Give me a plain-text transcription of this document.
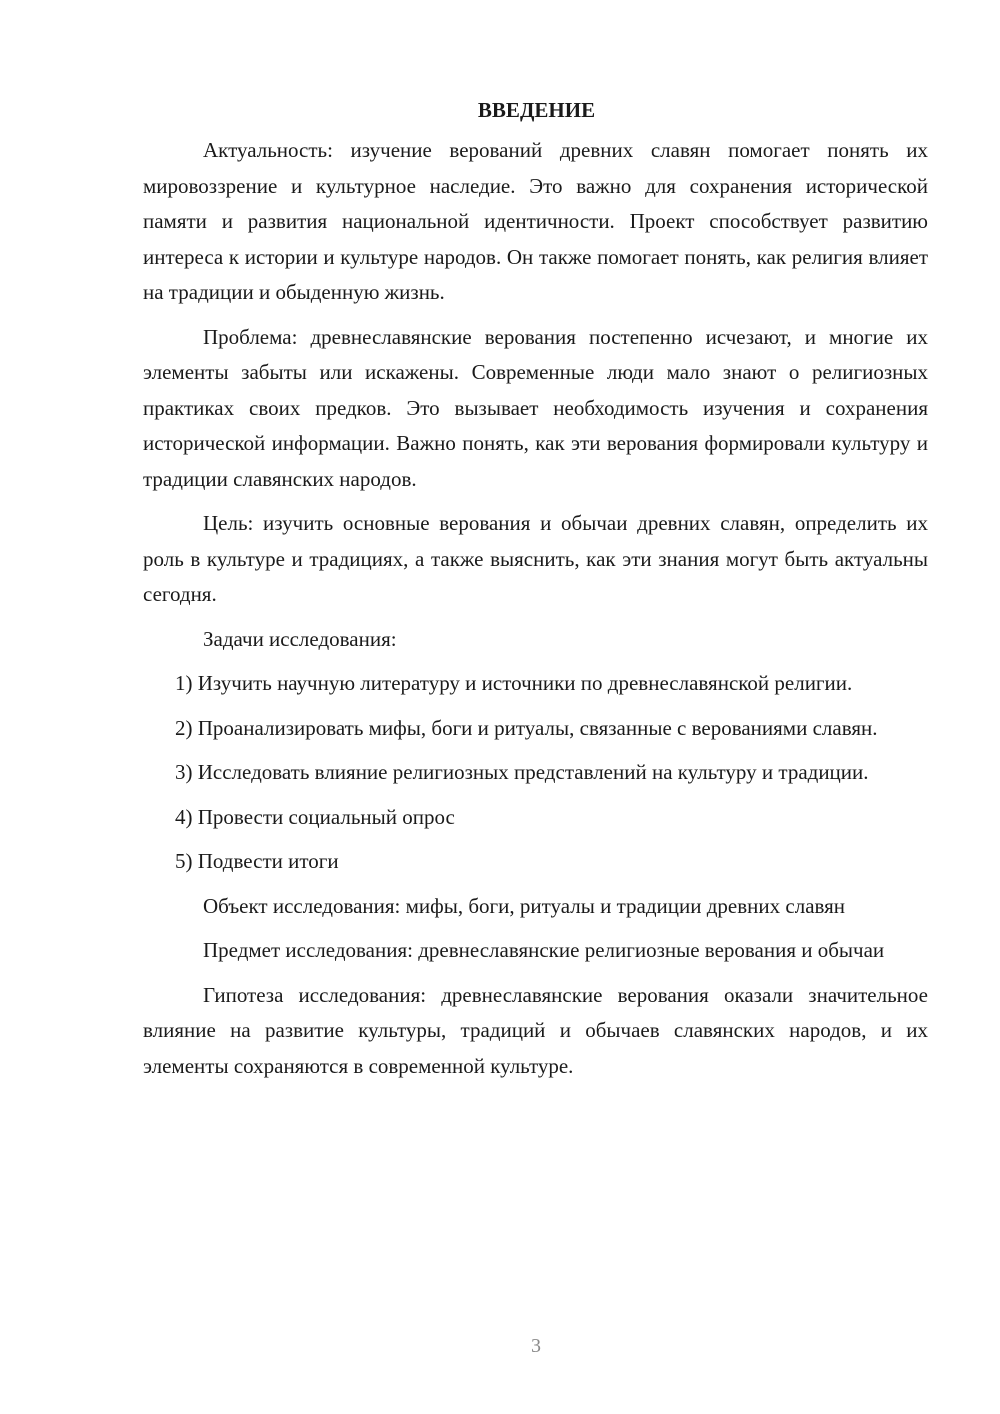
ВВЕДЕНИЕ

Актуальность: изучение верований древних славян помогает понять их мировоззрение и культурное наследие. Это важно для сохранения исторической памяти и развития национальной идентичности. Проект способствует развитию интереса к истории и культуре народов. Он также помогает понять, как религия влияет на традиции и обыденную жизнь.

Проблема: древнеславянские верования постепенно исчезают, и многие их элементы забыты или искажены. Современные люди мало знают о религиозных практиках своих предков. Это вызывает необходимость изучения и сохранения исторической информации. Важно понять, как эти верования формировали культуру и традиции славянских народов.

Цель: изучить основные верования и обычаи древних славян, определить их роль в культуре и традициях, а также выяснить, как эти знания могут быть актуальны сегодня.

Задачи исследования:

1) Изучить научную литературу и источники по древнеславянской религии.

2) Проанализировать мифы, боги и ритуалы, связанные с верованиями славян.

3) Исследовать влияние религиозных представлений на культуру и традиции.

4) Провести социальный опрос

5) Подвести итоги

Объект исследования: мифы, боги, ритуалы и традиции древних славян

Предмет исследования: древнеславянские религиозные верования и обычаи

Гипотеза исследования: древнеславянские верования оказали значительное влияние на развитие культуры, традиций и обычаев славянских народов, и их элементы сохраняются в современной культуре.

3
